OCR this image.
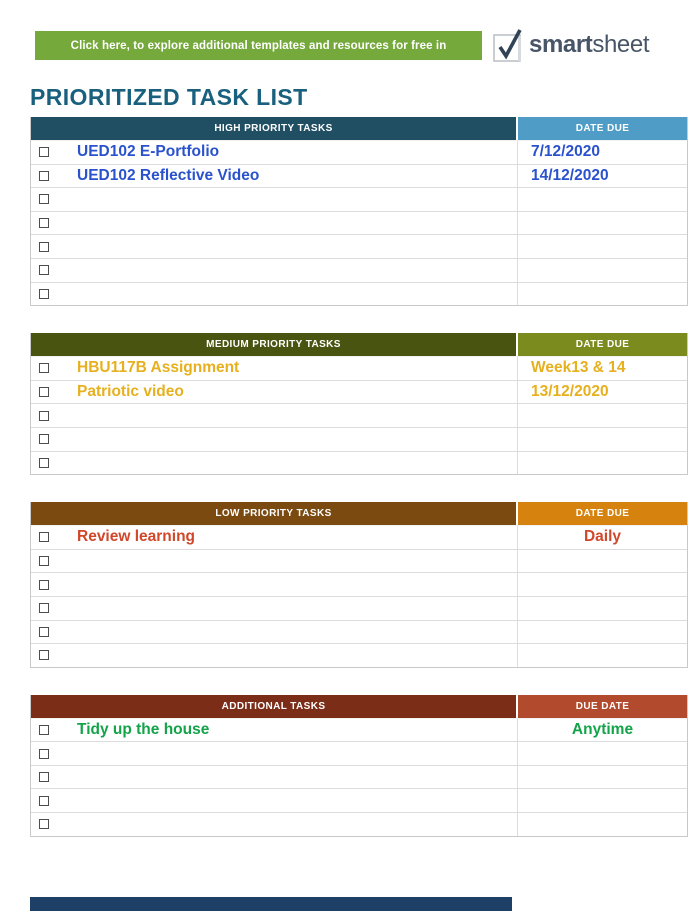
Click here, to explore additional templates and resources for free in	smartsheet
PRIORITIZED TASK LIST
HIGH PRIORITY TASKS	DATE DUE
UED102 E-Portfolio	7/12/2020
UED102 Reflective Video	14/12/2020
MEDIUM PRIORITY TASKS	DATE DUE
HBU117B Assignment	Week13 & 14
Patriotic video	13/12/2020
LOW PRIORITY TASKS	DATE DUE
Review learning	Daily
ADDITIONAL TASKS	DUE DATE
Tidy up the house	Anytime
